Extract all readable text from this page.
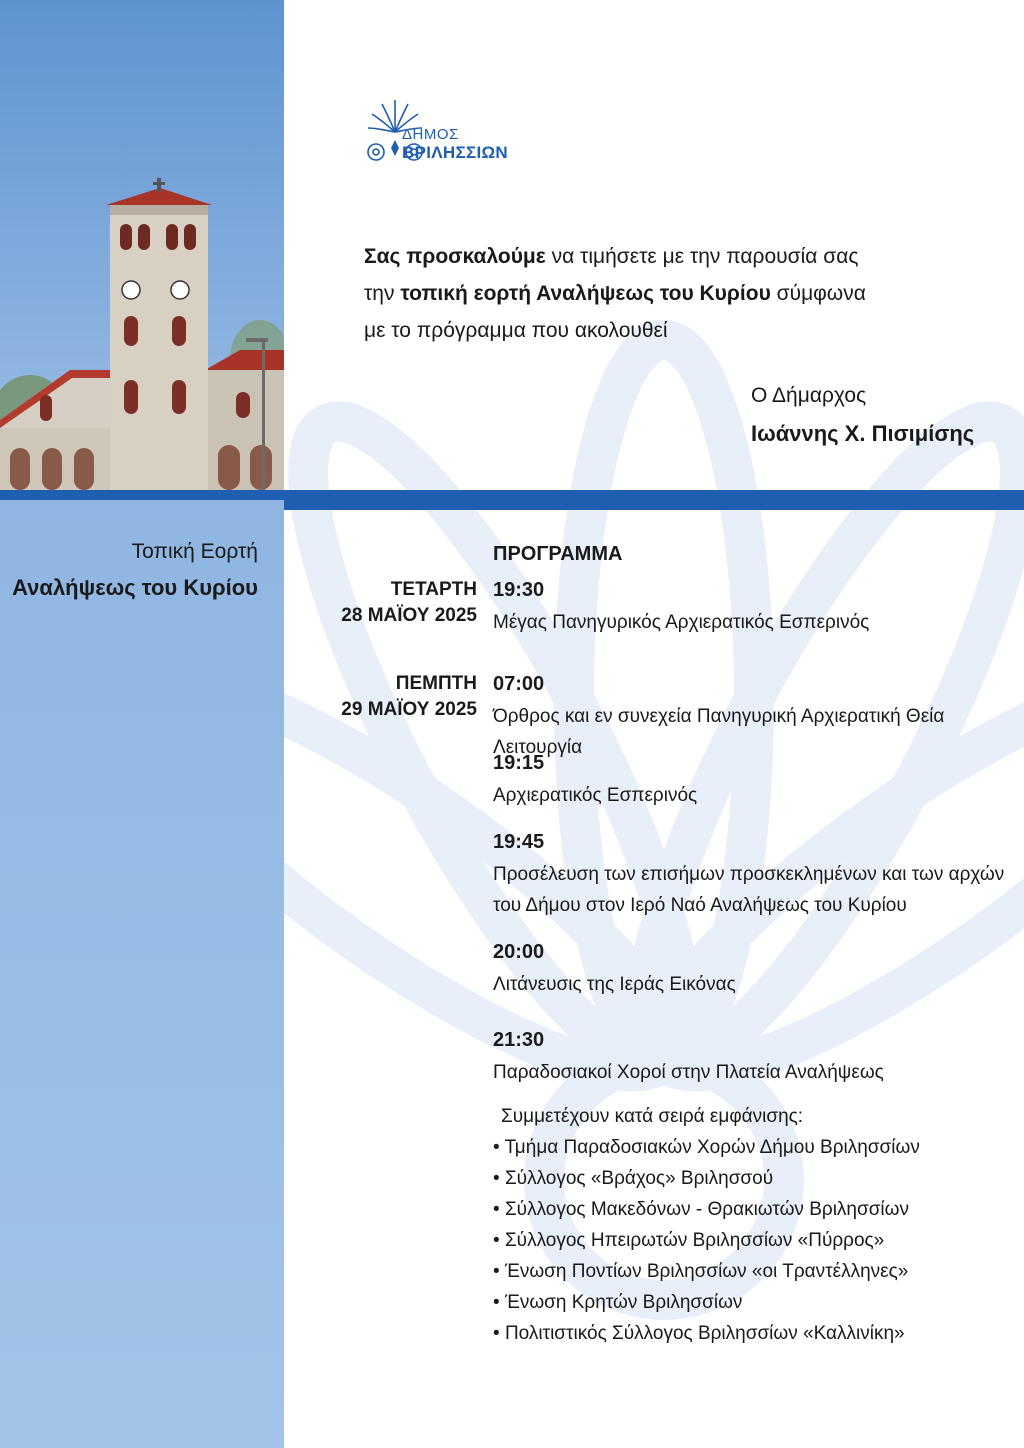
ΔΗΜΟΣ
ΒΡΙΛΗΣΣΙΩΝ

Σας προσκαλούμε να τιμήσετε με την παρουσία σας

την τοπική εορτή Αναλήψεως του Κυρίου σύμφωνα

με το πρόγραμμα που ακολουθεί

Ο Δήμαρχος
Ιωάννης Χ. Πισιμίσης
Τοπική Εορτή
Αναλήψεως του Κυρίου
ΠΡΟΓΡΑΜΜΑ
ΤΕΤΑΡΤΗ
28 ΜΑΪΟΥ 2025
ΠΕΜΠΤΗ
29 ΜΑΪΟΥ 2025
19:30
Μέγας Πανηγυρικός Αρχιερατικός Εσπερινός
07:00
Όρθρος και εν συνεχεία Πανηγυρική Αρχιερατική Θεία Λειτουργία
19:15
Αρχιερατικός Εσπερινός
19:45
Προσέλευση των επισήμων προσκεκλημένων και των αρχών
του Δήμου στον Ιερό Ναό Αναλήψεως του Κυρίου
20:00
Λιτάνευσις της Ιεράς Εικόνας
21:30
Παραδοσιακοί Χοροί στην Πλατεία Αναλήψεως
Συμμετέχουν κατά σειρά εμφάνισης:
• Τμήμα Παραδοσιακών Χορών Δήμου Βριλησσίων
• Σύλλογος «Βράχος» Βριλησσού
• Σύλλογος Μακεδόνων - Θρακιωτών Βριλησσίων
• Σύλλογος Ηπειρωτών Βριλησσίων «Πύρρος»
• Ένωση Ποντίων Βριλησσίων «οι Τραντέλληνες»
• Ένωση Κρητών Βριλησσίων
• Πολιτιστικός Σύλλογος Βριλησσίων «Καλλινίκη»
